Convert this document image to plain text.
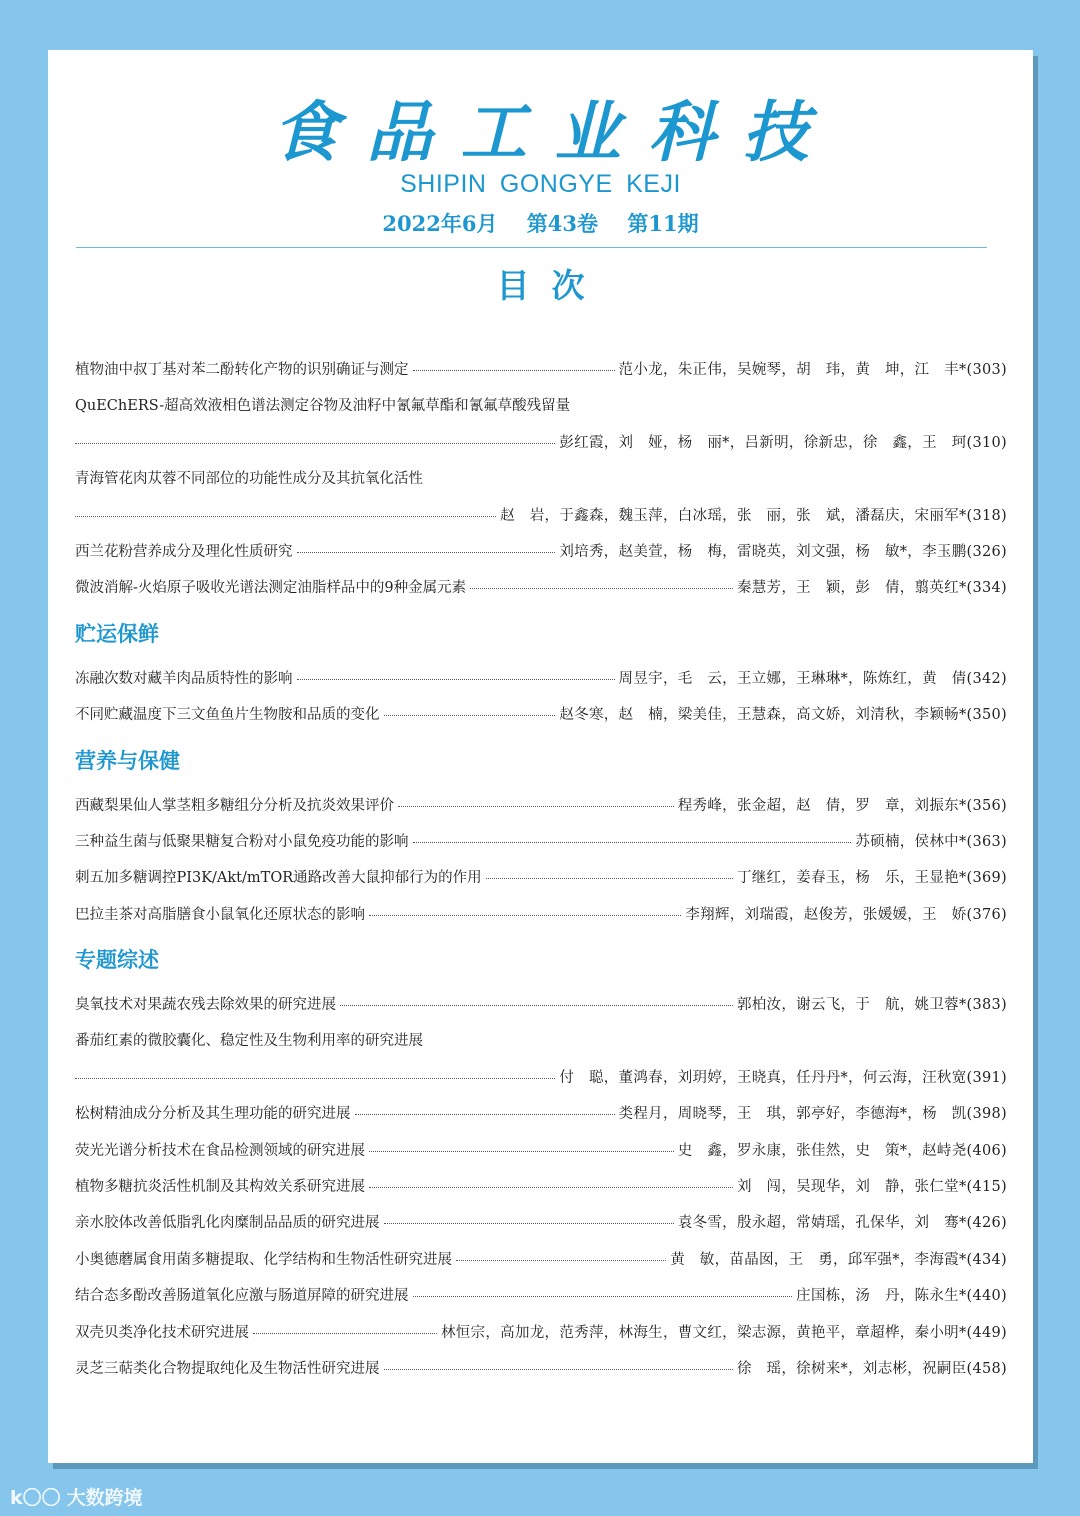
食品工业科技
SHIPIN GONGYE KEJI
2022年6月 第43卷 第11期
目次
植物油中叔丁基对苯二酚转化产物的识别确证与测定	范小龙，朱正伟，吴婉琴，胡　玮，黄　坤，江　丰*(303)
QuEChERS-超高效液相色谱法测定谷物及油籽中氰氟草酯和氰氟草酸残留量
彭红霞，刘　娅，杨　丽*，吕新明，徐新忠，徐　鑫，王　珂(310)
青海管花肉苁蓉不同部位的功能性成分及其抗氧化活性
赵　岩，于鑫森，魏玉萍，白冰瑶，张　丽，张　斌，潘磊庆，宋丽军*(318)
西兰花粉营养成分及理化性质研究	刘培秀，赵美萱，杨　梅，雷晓英，刘文强，杨　敏*，李玉鹏(326)
微波消解-火焰原子吸收光谱法测定油脂样品中的9种金属元素	秦慧芳，王　颖，彭　倩，翦英红*(334)
贮运保鲜
冻融次数对藏羊肉品质特性的影响	周昱宇，毛　云，王立娜，王琳琳*，陈炼红，黄　倩(342)
不同贮藏温度下三文鱼鱼片生物胺和品质的变化	赵冬寒，赵　楠，梁美佳，王慧森，高文娇，刘清秋，李颖畅*(350)
营养与保健
西藏梨果仙人掌茎粗多糖组分分析及抗炎效果评价	程秀峰，张金超，赵　倩，罗　章，刘振东*(356)
三种益生菌与低聚果糖复合粉对小鼠免疫功能的影响	苏硕楠，侯林中*(363)
刺五加多糖调控PI3K/Akt/mTOR通路改善大鼠抑郁行为的作用	丁继红，姜春玉，杨　乐，王显艳*(369)
巴拉圭茶对高脂膳食小鼠氧化还原状态的影响	李翔辉，刘瑞霞，赵俊芳，张媛媛，王　娇(376)
专题综述
臭氧技术对果蔬农残去除效果的研究进展	郭柏汝，谢云飞，于　航，姚卫蓉*(383)
番茄红素的微胶囊化、稳定性及生物利用率的研究进展
付　聪，董鸿春，刘玥婷，王晓真，任丹丹*，何云海，汪秋宽(391)
松树精油成分分析及其生理功能的研究进展	类程月，周晓琴，王　琪，郭亭好，李德海*，杨　凯(398)
荧光光谱分析技术在食品检测领域的研究进展	史　鑫，罗永康，张佳然，史　策*，赵峙尧(406)
植物多糖抗炎活性机制及其构效关系研究进展	刘　闯，吴现华，刘　静，张仁堂*(415)
亲水胶体改善低脂乳化肉糜制品品质的研究进展	袁冬雪，殷永超，常婧瑶，孔保华，刘　骞*(426)
小奥德蘑属食用菌多糖提取、化学结构和生物活性研究进展	黄　敏，苗晶囡，王　勇，邱军强*，李海霞*(434)
结合态多酚改善肠道氧化应激与肠道屏障的研究进展	庄国栋，汤　丹，陈永生*(440)
双壳贝类净化技术研究进展	林恒宗，高加龙，范秀萍，林海生，曹文红，梁志源，黄艳平，章超桦，秦小明*(449)
灵芝三萜类化合物提取纯化及生物活性研究进展	徐　瑶，徐树来*，刘志彬，祝嗣臣(458)
k〇〇 大数跨境
